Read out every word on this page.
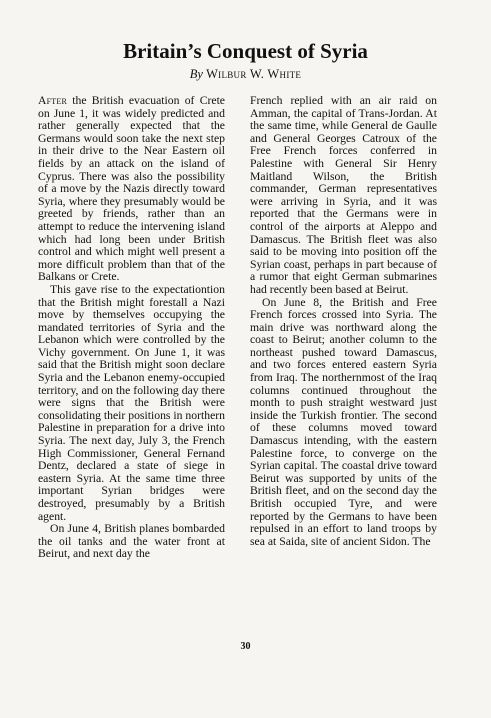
Britain’s Conquest of Syria
By Wilbur W. White

After the British evacuation of Crete on June 1, it was widely predicted and rather generally expected that the Germans would soon take the next step in their drive to the Near Eastern oil fields by an attack on the island of Cyprus. There was also the possibility of a move by the Nazis directly toward Syria, where they presumably would be greeted by friends, rather than an attempt to reduce the intervening island which had long been under British control and which might well present a more difficult problem than that of the Balkans or Crete.

This gave rise to the expectationtion that the British might forestall a Nazi move by themselves occupying the mandated territories of Syria and the Lebanon which were controlled by the Vichy government. On June 1, it was said that the British might soon declare Syria and the Lebanon enemy-occupied territory, and on the following day there were signs that the British were consolidating their positions in northern Palestine in preparation for a drive into Syria. The next day, July 3, the French High Commissioner, General Fernand Dentz, declared a state of siege in eastern Syria. At the same time three important Syrian bridges were destroyed, presumably by a British agent.

On June 4, British planes bombarded the oil tanks and the water front at Beirut, and next day the

French replied with an air raid on Amman, the capital of Trans-Jordan. At the same time, while General de Gaulle and General Georges Catroux of the Free French forces conferred in Palestine with General Sir Henry Maitland Wilson, the British commander, German representatives were arriving in Syria, and it was reported that the Germans were in control of the airports at Aleppo and Damascus. The British fleet was also said to be moving into position off the Syrian coast, perhaps in part because of a rumor that eight German submarines had recently been based at Beirut.

On June 8, the British and Free French forces crossed into Syria. The main drive was northward along the coast to Beirut; another column to the northeast pushed toward Damascus, and two forces entered eastern Syria from Iraq. The northernmost of the Iraq columns continued throughout the month to push straight westward just inside the Turkish frontier. The second of these columns moved toward Damascus intending, with the eastern Palestine force, to converge on the Syrian capital. The coastal drive toward Beirut was supported by units of the British fleet, and on the second day the British occupied Tyre, and were reported by the Germans to have been repulsed in an effort to land troops by sea at Saida, site of ancient Sidon. The

30
